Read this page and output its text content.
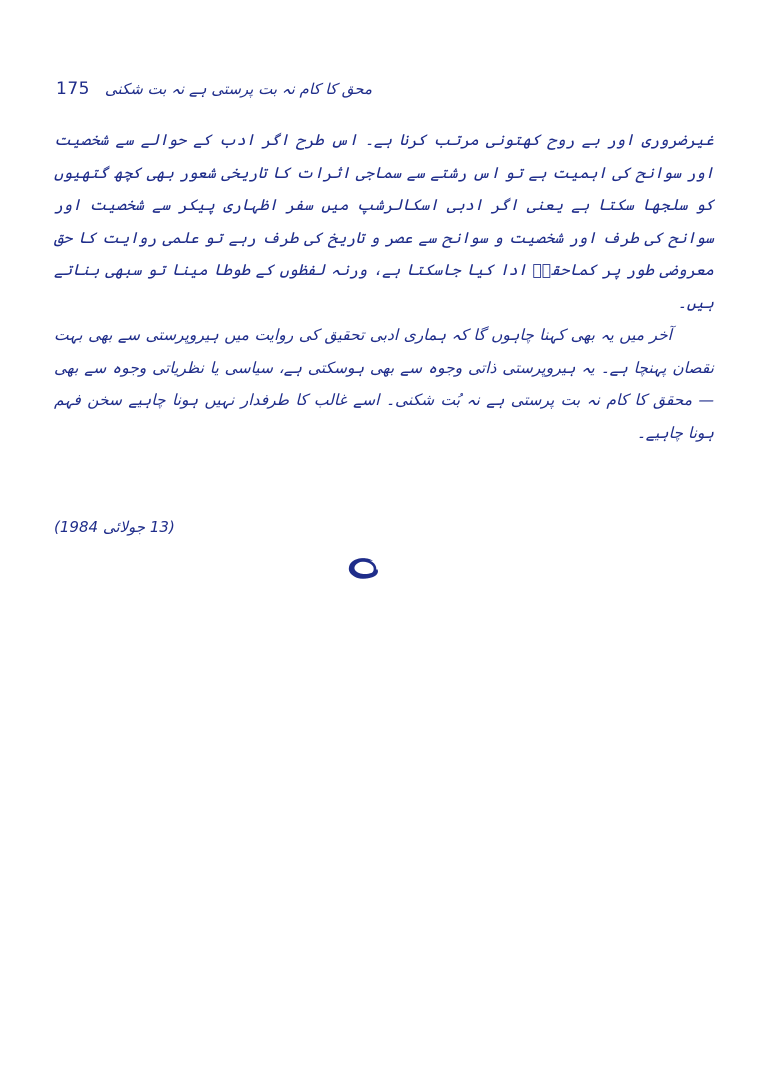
175 محق کا کام نہ بت پرستی ہے نہ بت شکنی

غیرضروری اور بے روح کھتونی مرتب کرنا ہے۔ اس طرح اگر ادب کے حوالے سے شخصیت اور سوانح کی اہمیت ہے تو اس رشتے سے سماجی اثرات کا تاریخی شعور بھی کچھ گتھیوں کو سلجھا سکتا ہے یعنی اگر ادبی اسکالرشپ میں سفر اظہاری پیکر سے شخصیت اور سوانح کی طرف اور شخصیت و سوانح سے عصر و تاریخ کی طرف رہے تو علمی روایت کا حق معروضی طور پر کماحقہٗ ادا کیا جاسکتا ہے، ورنہ لفظوں کے طوطا مینا تو سبھی بناتے ہیں۔

آخر میں یہ بھی کہنا چاہوں گا کہ ہماری ادبی تحقیق کی روایت میں ہیروپرستی سے بھی بہت نقصان پہنچا ہے۔ یہ ہیروپرستی ذاتی وجوہ سے بھی ہوسکتی ہے، سیاسی یا نظریاتی وجوہ سے بھی — محقق کا کام نہ بت پرستی ہے نہ بُت شکنی۔ اسے غالب کا طرفدار نہیں ہونا چاہیے سخن فہم ہونا چاہیے۔

(13 جولائی 1984)
